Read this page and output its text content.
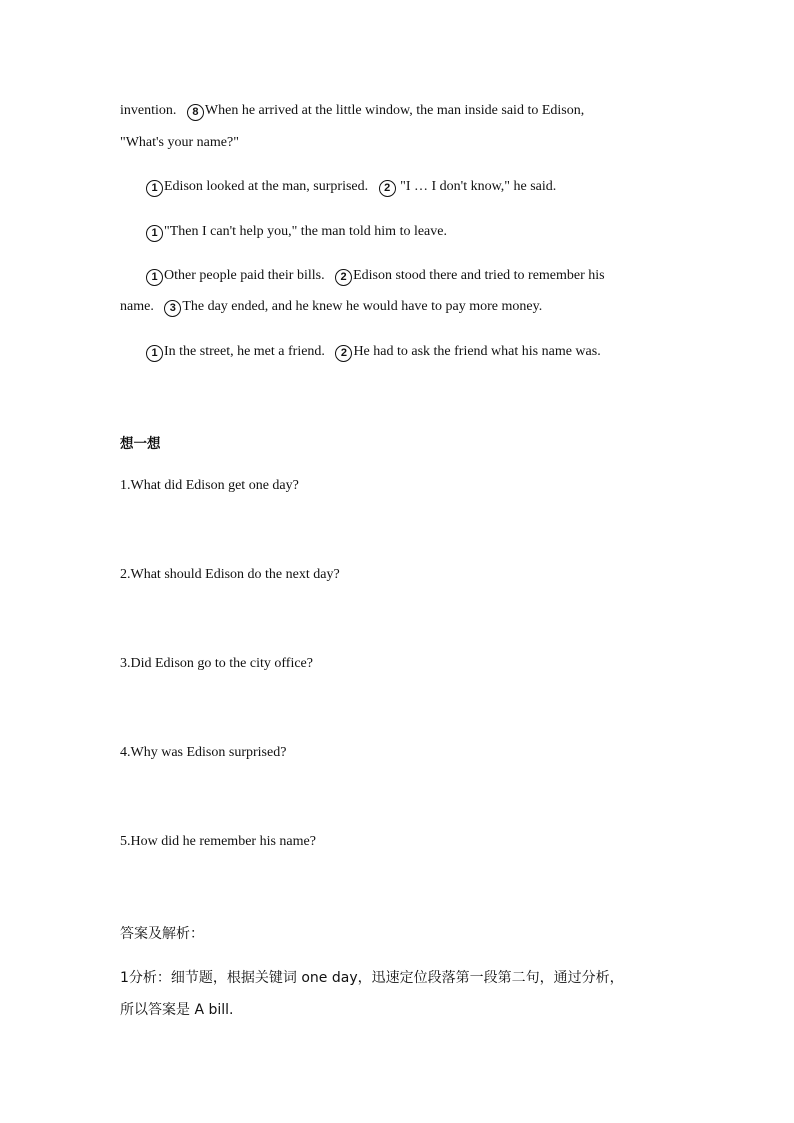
invention. 8 When he arrived at the little window, the man inside said to Edison,
"What's your name?"
1 Edison looked at the man, surprised. 2 "I … I don't know," he said.
1 "Then I can't help you," the man told him to leave.
1 Other people paid their bills. 2 Edison stood there and tried to remember his
name. 3 The day ended, and he knew he would have to pay more money.
1 In the street, he met a friend. 2 He had to ask the friend what his name was.
想一想
1.What did Edison get one day?
2.What should Edison do the next day?
3.Did Edison go to the city office?
4.Why was Edison surprised?
5.How did he remember his name?
答案及解析：
1分析：细节题，根据关键词 one day，迅速定位段落第一段第二句，通过分析，
所以答案是 A bill.
